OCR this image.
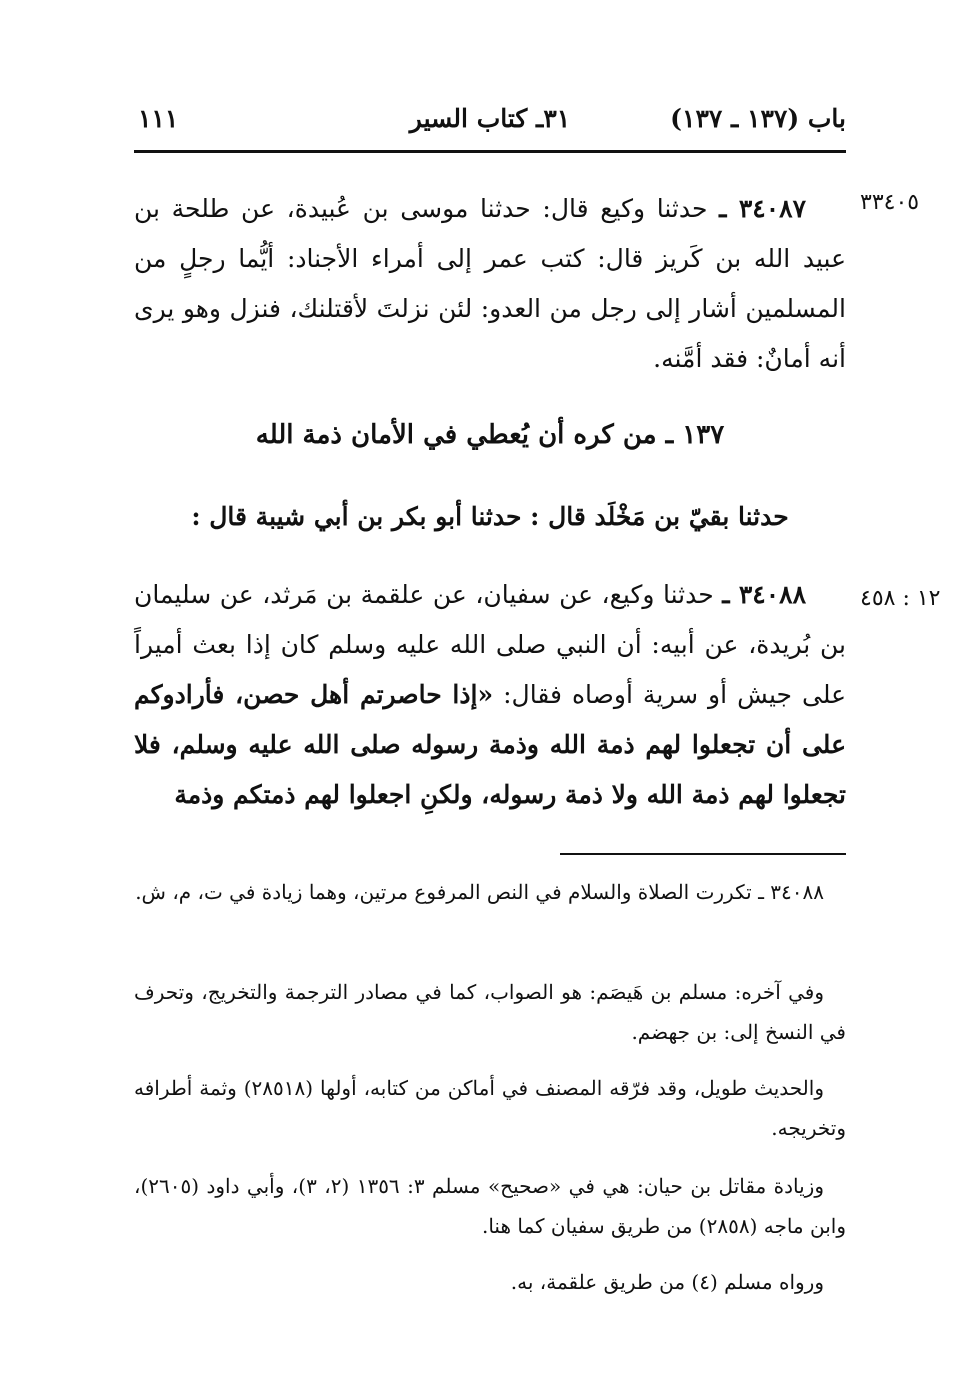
باب (١٣٧ ـ ١٣٧)
٣١ـ كتاب السير
١١١
٣٣٤٠٥
٣٤٠٨٧ ـ حدثنا وكيع قال: حدثنا موسى بن عُبيدة، عن طلحة بن عبيد الله بن كَريز قال: كتب عمر إلى أمراء الأجناد: أيُّما رجلٍ من المسلمين أشار إلى رجل من العدو: لئن نزلتَ لأقتلنك، فنزل وهو يرى أنه أمانٌ: فقد أمَّنه.
١٣٧ ـ من كره أن يُعطي في الأمان ذمة الله
حدثنا بقيّ بن مَخْلَد قال : حدثنا أبو بكر بن أبي شيبة قال :
١٢ : ٤٥٨
٣٤٠٨٨ ـ حدثنا وكيع، عن سفيان، عن علقمة بن مَرثد، عن سليمان بن بُريدة، عن أبيه: أن النبي صلى الله عليه وسلم كان إذا بعث أميراً على جيش أو سرية أوصاه فقال: «إذا حاصرتم أهل حصن، فأرادوكم على أن تجعلوا لهم ذمة الله وذمة رسوله صلى الله عليه وسلم، فلا تجعلوا لهم ذمة الله ولا ذمة رسوله، ولكنِ اجعلوا لهم ذمتكم وذمة
٣٤٠٨٨ ـ تكررت الصلاة والسلام في النص المرفوع مرتين، وهما زيادة في ت، م، ش.
وفي آخره: مسلم بن هَيصَم: هو الصواب، كما في مصادر الترجمة والتخريج، وتحرف في النسخ إلى: بن جهضم.
والحديث طويل، وقد فرّقه المصنف في أماكن من كتابه، أولها (٢٨٥١٨) وثمة أطرافه وتخريجه.
وزيادة مقاتل بن حيان: هي في «صحيح» مسلم ٣: ١٣٥٦ (٢، ٣)، وأبي داود (٢٦٠٥)، وابن ماجه (٢٨٥٨) من طريق سفيان كما هنا.
ورواه مسلم (٤) من طريق علقمة، به.
